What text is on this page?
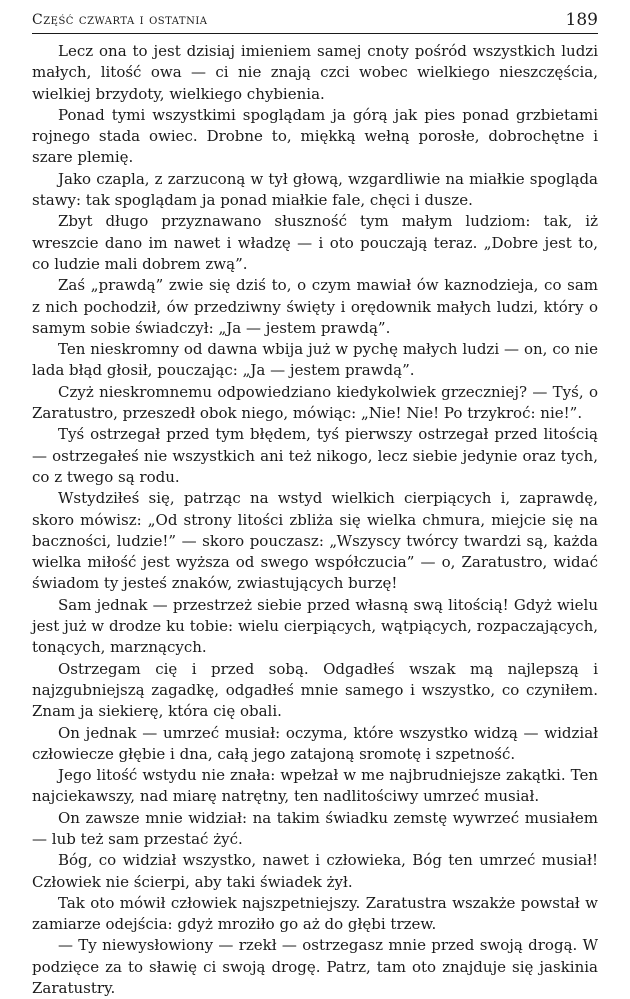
Część czwarta i ostatnia	189

Lecz ona to jest dzisiaj imieniem samej cnoty pośród wszystkich ludzi małych, litość owa — ci nie znają czci wobec wielkiego nieszczęścia, wielkiej brzydoty, wielkiego chybienia.

Ponad tymi wszystkimi spoglądam ja górą jak pies ponad grzbietami rojnego stada owiec. Drobne to, miękką wełną porosłe, dobrochętne i szare plemię.

Jako czapla, z zarzuconą w tył głową, wzgardliwie na miałkie spogląda stawy: tak spoglądam ja ponad miałkie fale, chęci i dusze.

Zbyt długo przyznawano słuszność tym małym ludziom: tak, iż wreszcie dano im nawet i władzę — i oto pouczają teraz. „Dobre jest to, co ludzie mali dobrem zwą”.

Zaś „prawdą” zwie się dziś to, o czym mawiał ów kaznodzieja, co sam z nich pochodził, ów przedziwny święty i orędownik małych ludzi, który o samym sobie świadczył: „Ja — jestem prawdą”.

Ten nieskromny od dawna wbija już w pychę małych ludzi — on, co nie lada błąd głosił, pouczając: „Ja — jestem prawdą”.

Czyż nieskromnemu odpowiedziano kiedykolwiek grzeczniej? — Tyś, o Zaratustro, przeszedł obok niego, mówiąc: „Nie! Nie! Po trzykroć: nie!”.

Tyś ostrzegał przed tym błędem, tyś pierwszy ostrzegał przed litością — ostrzegałeś nie wszystkich ani też nikogo, lecz siebie jedynie oraz tych, co z twego są rodu.

Wstydziłeś się, patrząc na wstyd wielkich cierpiących i, zaprawdę, skoro mówisz: „Od strony litości zbliża się wielka chmura, miejcie się na baczności, ludzie!” — skoro pouczasz: „Wszyscy twórcy twardzi są, każda wielka miłość jest wyższa od swego współczucia” — o, Zaratustro, widać świadom ty jesteś znaków, zwiastujących burzę!

Sam jednak — przestrzeż siebie przed własną swą litością! Gdyż wielu jest już w drodze ku tobie: wielu cierpiących, wątpiących, rozpaczających, tonących, marznących.

Ostrzegam cię i przed sobą. Odgadłeś wszak mą najlepszą i najzgubniejszą zagadkę, odgadłeś mnie samego i wszystko, co czyniłem. Znam ja siekierę, która cię obali.

On jednak — umrzeć musiał: oczyma, które wszystko widzą — widział człowiecze głębie i dna, całą jego zatajoną sromotę i szpetność.

Jego litość wstydu nie znała: wpełzał w me najbrudniejsze zakątki. Ten najciekawszy, nad miarę natrętny, ten nadlitościwy umrzeć musiał.

On zawsze mnie widział: na takim świadku zemstę wywrzeć musiałem — lub też sam przestać żyć.

Bóg, co widział wszystko, nawet i człowieka, Bóg ten umrzeć musiał! Człowiek nie ścierpi, aby taki świadek żył.

Tak oto mówił człowiek najszpetniejszy. Zaratustra wszakże powstał w zamiarze odejścia: gdyż mroziło go aż do głębi trzew.

— Ty niewysłowiony — rzekł — ostrzegasz mnie przed swoją drogą. W podzięce za to sławię ci swoją drogę. Patrz, tam oto znajduje się jaskinia Zaratustry.
